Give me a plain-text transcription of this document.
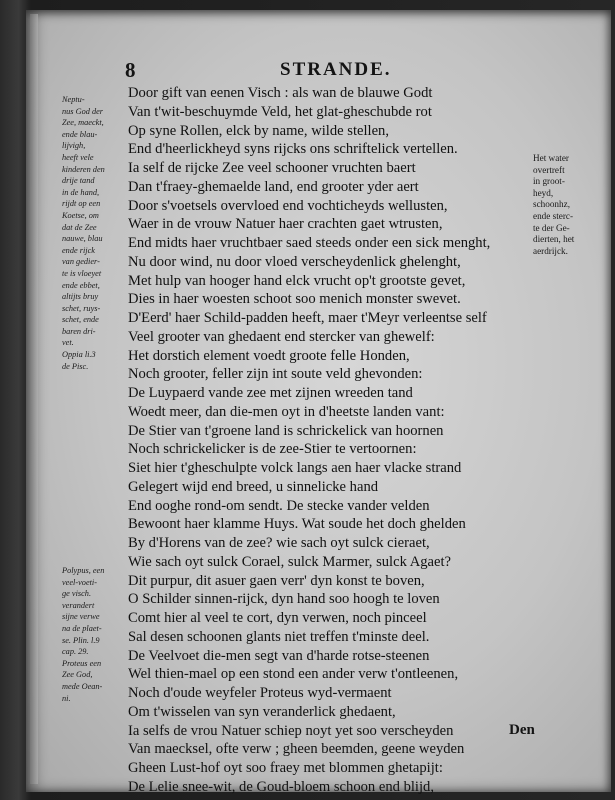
8	STRANDE.
Neptu-
nus God der
Zee, maeckt,
ende blau-
lijvigh,
heeft vele
kinderen den
drije tand
in de hand,
rijdt op een
Koetse, om
dat de Zee
nauwe, blau
ende rijck
van gedier-
te is vloeyet
ende ebbet,
altijts bruy
schet, ruys-
schet, ende
baren dri-
vet.
Oppia li.3
de Pisc.
Polypus, een
veel-voeti-
ge visch.
verandert
sijne verwe
na de plaet-
se. Plin. l.9
cap. 29.
Proteus een
Zee God,
mede Oean-
ni.
Het water
overtreft
in groot-
heyd,
schoonhz,
ende sterc-
te der Ge-
dierten, het
aerdrijck.
Door gift van eenen Visch : als wan de blauwe Godt
Van t'wit-beschuymde Veld, het glat-gheschubde rot
Op syne Rollen, elck by name, wilde stellen,
End d'heerlickheyd syns rijcks ons schriftelick vertellen.
Ia self de rijcke Zee veel schooner vruchten baert
Dan t'fraey-ghemaelde land, end grooter yder aert
Door s'voetsels overvloed end vochticheyds wellusten,
Waer in de vrouw Natuer haer crachten gaet wtrusten,
End midts haer vruchtbaer saed steeds onder een sick menght,
Nu door wind, nu door vloed verscheydenlick ghelenght,
Met hulp van hooger hand elck vrucht op't grootste gevet,
Dies in haer woesten schoot soo menich monster swevet.
D'Eerd' haer Schild-padden heeft, maer t'Meyr verleentse self
Veel grooter van ghedaent end stercker van ghewelf:
Het dorstich element voedt groote felle Honden,
Noch grooter, feller zijn int soute veld ghevonden:
De Luypaerd vande zee met zijnen wreeden tand
Woedt meer, dan die-men oyt in d'heetste landen vant:
De Stier van t'groene land is schrickelick van hoornen
Noch schrickelicker is de zee-Stier te vertoornen:
Siet hier t'gheschulpte volck langs aen haer vlacke strand
Gelegert wijd end breed, u sinnelicke hand
End ooghe rond-om sendt. De stecke vander velden
Bewoont haer klamme Huys. Wat soude het doch ghelden
By d'Horens van de zee? wie sach oyt sulck cieraet,
Wie sach oyt sulck Corael, sulck Marmer, sulck Agaet?
Dit purpur, dit asuer gaen verr' dyn konst te boven,
O Schilder sinnen-rijck, dyn hand soo hoogh te loven
Comt hier al veel te cort, dyn verwen, noch pinceel
Sal desen schoonen glants niet treffen t'minste deel.
De Veelvoet die-men segt van d'harde rotse-steenen
Wel thien-mael op een stond een ander verw t'ontleenen,
Noch d'oude weyfeler Proteus wyd-vermaent
Om t'wisselen van syn veranderlick ghedaent,
Ia selfs de vrou Natuer schiep noyt yet soo verscheyden
Van maecksel, ofte verw ; gheen beemden, geene weyden
Gheen Lust-hof oyt soo fraey met blommen ghetapijt:
De Lelie snee-wit, de Goud-bloem schoon end blijd,
Den
